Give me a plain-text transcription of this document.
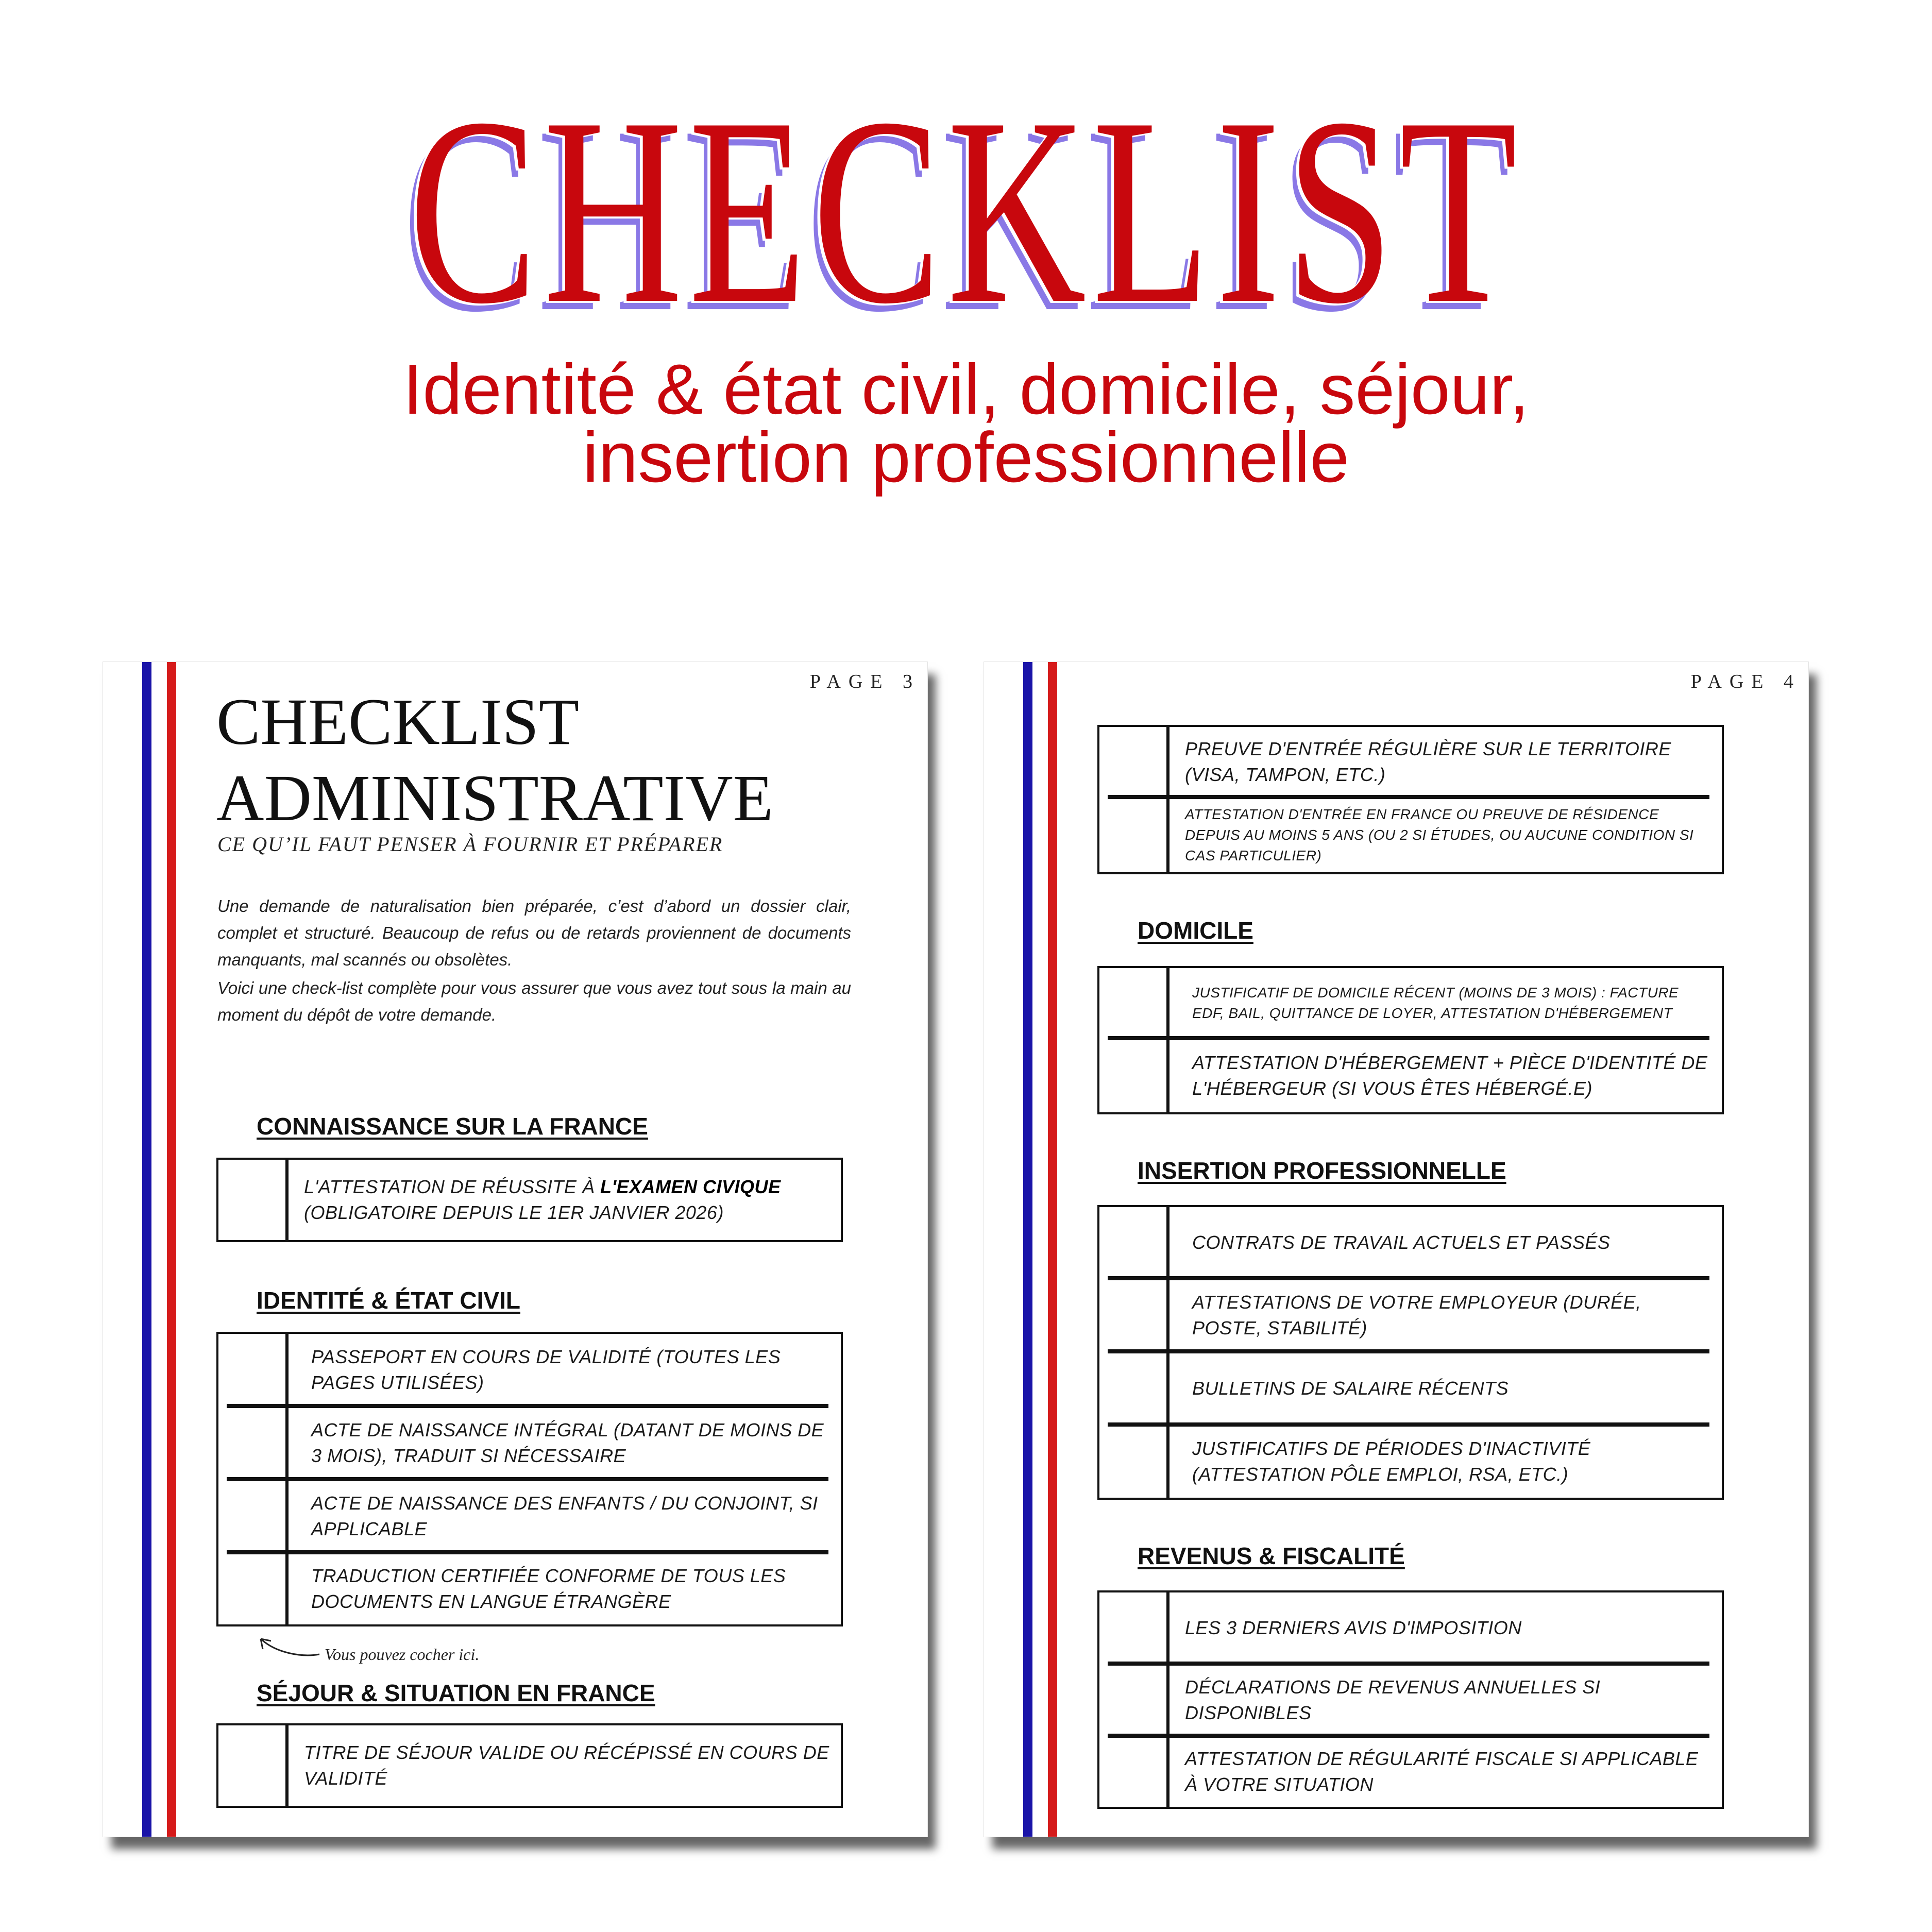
CHECKLIST
Identité & état civil, domicile, séjour,
insertion professionnelle
PAGE 3
CHECKLIST
ADMINISTRATIVE
CE QU’IL FAUT PENSER À FOURNIR ET PRÉPARER

Une demande de naturalisation bien préparée, c’est d’abord un dossier clair, complet et structuré. Beaucoup de refus ou de retards proviennent de documents manquants, mal scannés ou obsolètes.

Voici une check-list complète pour vous assurer que vous avez tout sous la main au moment du dépôt de votre demande.

CONNAISSANCE SUR LA FRANCE
L'ATTESTATION DE RÉUSSITE À L'EXAMEN CIVIQUE
(OBLIGATOIRE DEPUIS LE 1ER JANVIER 2026)
IDENTITÉ & ÉTAT CIVIL
PASSEPORT EN COURS DE VALIDITÉ (TOUTES LES PAGES UTILISÉES)
ACTE DE NAISSANCE INTÉGRAL (DATANT DE MOINS DE 3 MOIS), TRADUIT SI NÉCESSAIRE
ACTE DE NAISSANCE DES ENFANTS / DU CONJOINT, SI APPLICABLE
TRADUCTION CERTIFIÉE CONFORME DE TOUS LES DOCUMENTS EN LANGUE ÉTRANGÈRE
Vous pouvez cocher ici.
SÉJOUR & SITUATION EN FRANCE
TITRE DE SÉJOUR VALIDE OU RÉCÉPISSÉ EN COURS DE VALIDITÉ
PAGE 4
PREUVE D'ENTRÉE RÉGULIÈRE SUR LE TERRITOIRE (VISA, TAMPON, ETC.)
ATTESTATION D'ENTRÉE EN FRANCE OU PREUVE DE RÉSIDENCE DEPUIS AU MOINS 5 ANS (OU 2 SI ÉTUDES, OU AUCUNE CONDITION SI CAS PARTICULIER)
DOMICILE
JUSTIFICATIF DE DOMICILE RÉCENT (MOINS DE 3 MOIS) : FACTURE EDF, BAIL, QUITTANCE DE LOYER, ATTESTATION D'HÉBERGEMENT
ATTESTATION D'HÉBERGEMENT + PIÈCE D'IDENTITÉ DE L'HÉBERGEUR (SI VOUS ÊTES HÉBERGÉ.E)
INSERTION PROFESSIONNELLE
CONTRATS DE TRAVAIL ACTUELS ET PASSÉS
ATTESTATIONS DE VOTRE EMPLOYEUR (DURÉE, POSTE, STABILITÉ)
BULLETINS DE SALAIRE RÉCENTS
JUSTIFICATIFS DE PÉRIODES D'INACTIVITÉ (ATTESTATION PÔLE EMPLOI, RSA, ETC.)
REVENUS & FISCALITÉ
LES 3 DERNIERS AVIS D'IMPOSITION
DÉCLARATIONS DE REVENUS ANNUELLES SI DISPONIBLES
ATTESTATION DE RÉGULARITÉ FISCALE SI APPLICABLE À VOTRE SITUATION
